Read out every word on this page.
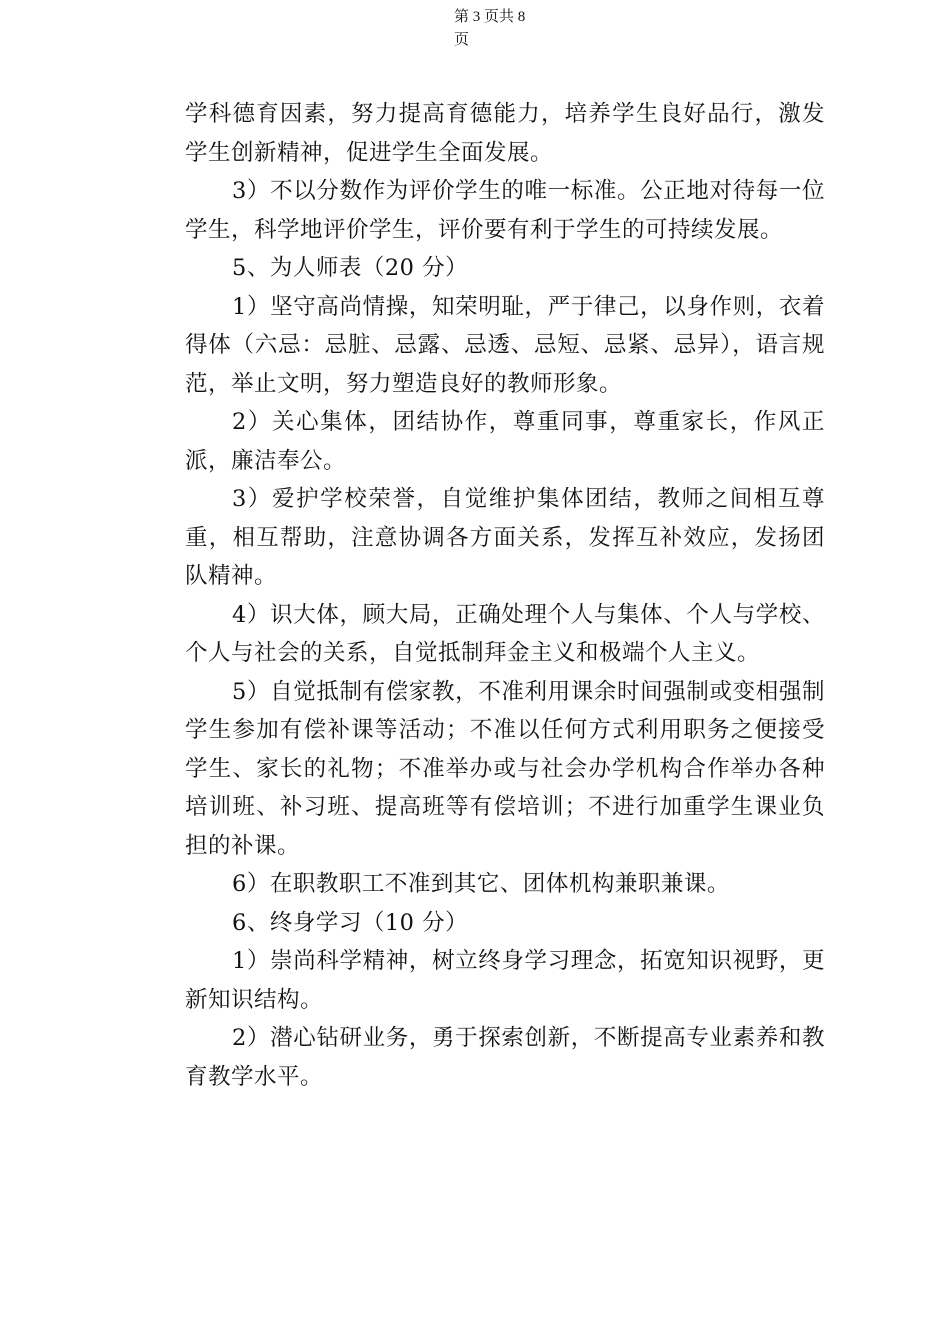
第 3 页共 8
页

学科德育因素，努力提高育德能力，培养学生良好品行，激发学生创新精神，促进学生全面发展。

3）不以分数作为评价学生的唯一标准。公正地对待每一位学生，科学地评价学生，评价要有利于学生的可持续发展。

5、为人师表（20 分）

1）坚守高尚情操，知荣明耻，严于律己，以身作则，衣着得体（六忌：忌脏、忌露、忌透、忌短、忌紧、忌异），语言规范，举止文明，努力塑造良好的教师形象。

2）关心集体，团结协作，尊重同事，尊重家长，作风正派，廉洁奉公。

3）爱护学校荣誉，自觉维护集体团结，教师之间相互尊重，相互帮助，注意协调各方面关系，发挥互补效应，发扬团队精神。

4）识大体，顾大局，正确处理个人与集体、个人与学校、个人与社会的关系，自觉抵制拜金主义和极端个人主义。

5）自觉抵制有偿家教，不准利用课余时间强制或变相强制学生参加有偿补课等活动；不准以任何方式利用职务之便接受学生、家长的礼物；不准举办或与社会办学机构合作举办各种培训班、补习班、提高班等有偿培训；不进行加重学生课业负担的补课。

6）在职教职工不准到其它、团体机构兼职兼课。

6、终身学习（10 分）

1）崇尚科学精神，树立终身学习理念，拓宽知识视野，更新知识结构。

2）潜心钻研业务，勇于探索创新，不断提高专业素养和教育教学水平。
